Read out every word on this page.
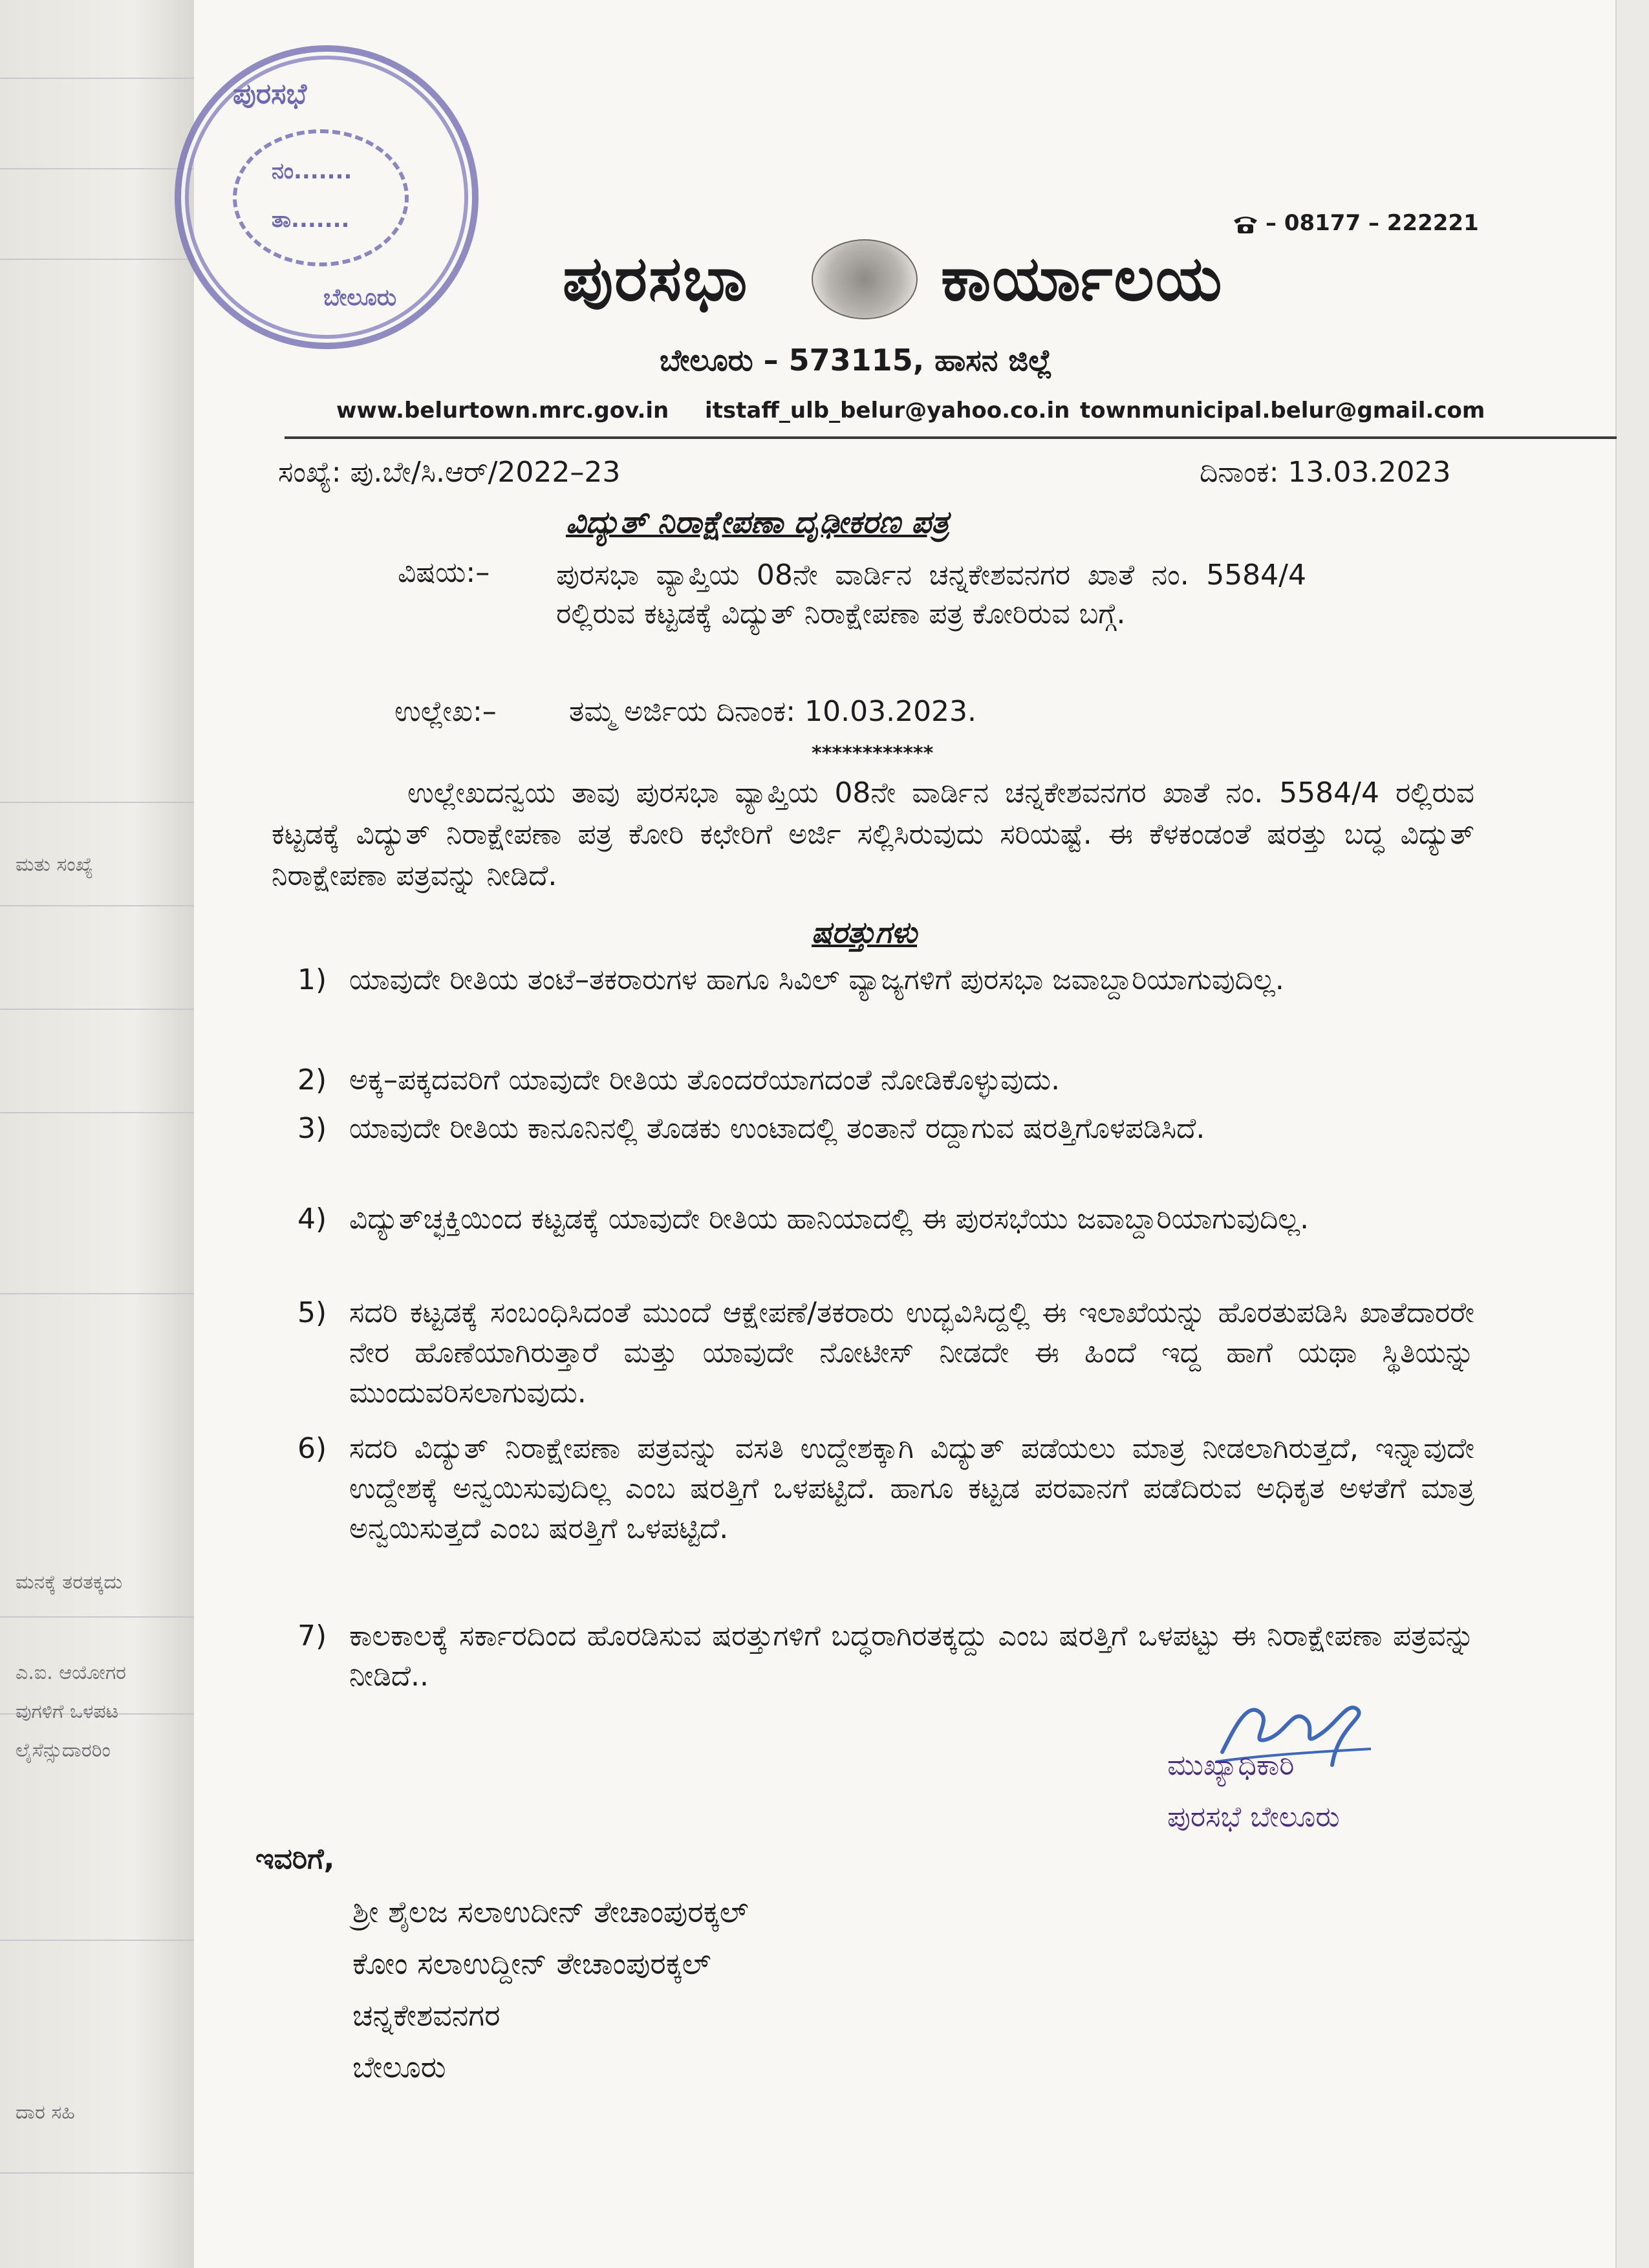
ಮತು ಸಂಖ್ಯೆ
ಮನಕ್ಕೆ ತರತಕ್ಕದು
ಎ.ಐ. ಆಯೋಗರ
ವುಗಳಿಗೆ ಒಳಪಟ
ಲೈಸೆನ್ಸುದಾರರಿಂ
ದಾರ ಸಹಿ
ಪುರಸಭೆ
ನಂ.......
ತಾ.......
ಬೇಲೂರು
– 08177 – 222221
ಪುರಸಭಾ	ಕಾರ್ಯಾಲಯ
ಬೇಲೂರು – 573115, ಹಾಸನ ಜಿಲ್ಲೆ
www.belurtown.mrc.gov.in itstaff_ulb_belur@yahoo.co.in townmunicipal.belur@gmail.com
ಸಂಖ್ಯೆ: ಪು.ಬೇ/ಸಿ.ಆರ್/2022–23	ದಿನಾಂಕ: 13.03.2023
ವಿದ್ಯುತ್ ನಿರಾಕ್ಷೇಪಣಾ ದೃಢೀಕರಣ ಪತ್ರ
ವಿಷಯ:– ಪುರಸಭಾ ವ್ಯಾಪ್ತಿಯ 08ನೇ ವಾರ್ಡಿನ ಚನ್ನಕೇಶವನಗರ ಖಾತೆ ನಂ. 5584/4 ರಲ್ಲಿರುವ ಕಟ್ಟಡಕ್ಕೆ ವಿದ್ಯುತ್ ನಿರಾಕ್ಷೇಪಣಾ ಪತ್ರ ಕೋರಿರುವ ಬಗ್ಗೆ.
ಉಲ್ಲೇಖ:–	ತಮ್ಮ ಅರ್ಜಿಯ ದಿನಾಂಕ: 10.03.2023.
************
ಉಲ್ಲೇಖದನ್ವಯ ತಾವು ಪುರಸಭಾ ವ್ಯಾಪ್ತಿಯ 08ನೇ ವಾರ್ಡಿನ ಚನ್ನಕೇಶವನಗರ ಖಾತೆ ನಂ. 5584/4 ರಲ್ಲಿರುವ ಕಟ್ಟಡಕ್ಕೆ ವಿದ್ಯುತ್ ನಿರಾಕ್ಷೇಪಣಾ ಪತ್ರ ಕೋರಿ ಕಛೇರಿಗೆ ಅರ್ಜಿ ಸಲ್ಲಿಸಿರುವುದು ಸರಿಯಷ್ಟೆ. ಈ ಕೆಳಕಂಡಂತೆ ಷರತ್ತು ಬದ್ಧ ವಿದ್ಯುತ್ ನಿರಾಕ್ಷೇಪಣಾ ಪತ್ರವನ್ನು ನೀಡಿದೆ.
ಷರತ್ತುಗಳು
1) ಯಾವುದೇ ರೀತಿಯ ತಂಟೆ–ತಕರಾರುಗಳ ಹಾಗೂ ಸಿವಿಲ್ ವ್ಯಾಜ್ಯಗಳಿಗೆ ಪುರಸಭಾ ಜವಾಬ್ದಾರಿಯಾಗುವುದಿಲ್ಲ.
2) ಅಕ್ಕ–ಪಕ್ಕದವರಿಗೆ ಯಾವುದೇ ರೀತಿಯ ತೊಂದರೆಯಾಗದಂತೆ ನೋಡಿಕೊಳ್ಳುವುದು.
3) ಯಾವುದೇ ರೀತಿಯ ಕಾನೂನಿನಲ್ಲಿ ತೊಡಕು ಉಂಟಾದಲ್ಲಿ ತಂತಾನೆ ರದ್ದಾಗುವ ಷರತ್ತಿಗೊಳಪಡಿಸಿದೆ.
4) ವಿದ್ಯುತ್‌ಚ್ಛಕ್ತಿಯಿಂದ ಕಟ್ಟಡಕ್ಕೆ ಯಾವುದೇ ರೀತಿಯ ಹಾನಿಯಾದಲ್ಲಿ ಈ ಪುರಸಭೆಯು ಜವಾಬ್ದಾರಿಯಾಗುವುದಿಲ್ಲ.
5) ಸದರಿ ಕಟ್ಟಡಕ್ಕೆ ಸಂಬಂಧಿಸಿದಂತೆ ಮುಂದೆ ಆಕ್ಷೇಪಣೆ/ತಕರಾರು ಉದ್ಭವಿಸಿದ್ದಲ್ಲಿ ಈ ಇಲಾಖೆಯನ್ನು ಹೊರತುಪಡಿಸಿ ಖಾತೆದಾರರೇ ನೇರ ಹೊಣೆಯಾಗಿರುತ್ತಾರೆ ಮತ್ತು ಯಾವುದೇ ನೋಟೀಸ್ ನೀಡದೇ ಈ ಹಿಂದೆ ಇದ್ದ ಹಾಗೆ ಯಥಾ ಸ್ಥಿತಿಯನ್ನು ಮುಂದುವರಿಸಲಾಗುವುದು.
6) ಸದರಿ ವಿದ್ಯುತ್ ನಿರಾಕ್ಷೇಪಣಾ ಪತ್ರವನ್ನು ವಸತಿ ಉದ್ದೇಶಕ್ಕಾಗಿ ವಿದ್ಯುತ್ ಪಡೆಯಲು ಮಾತ್ರ ನೀಡಲಾಗಿರುತ್ತದೆ, ಇನ್ನಾವುದೇ ಉದ್ದೇಶಕ್ಕೆ ಅನ್ವಯಿಸುವುದಿಲ್ಲ ಎಂಬ ಷರತ್ತಿಗೆ ಒಳಪಟ್ಟಿದೆ. ಹಾಗೂ ಕಟ್ಟಡ ಪರವಾನಗೆ ಪಡೆದಿರುವ ಅಧಿಕೃತ ಅಳತೆಗೆ ಮಾತ್ರ ಅನ್ವಯಿಸುತ್ತದೆ ಎಂಬ ಷರತ್ತಿಗೆ ಒಳಪಟ್ಟಿದೆ.
7) ಕಾಲಕಾಲಕ್ಕೆ ಸರ್ಕಾರದಿಂದ ಹೊರಡಿಸುವ ಷರತ್ತುಗಳಿಗೆ ಬದ್ಧರಾಗಿರತಕ್ಕದ್ದು ಎಂಬ ಷರತ್ತಿಗೆ ಒಳಪಟ್ಟು ಈ ನಿರಾಕ್ಷೇಪಣಾ ಪತ್ರವನ್ನು ನೀಡಿದೆ..
ಮುಖ್ಯಾಧಿಕಾರಿ
ಪುರಸಭೆ ಬೇಲೂರು
ಇವರಿಗೆ,
ಶ್ರೀ ಶೈಲಜ ಸಲಾಉದೀನ್ ತೇಚಾಂಪುರಕ್ಕಲ್
ಕೋಂ ಸಲಾಉದ್ದೀನ್ ತೇಚಾಂಪುರಕ್ಕಲ್
ಚನ್ನಕೇಶವನಗರ
ಬೇಲೂರು
